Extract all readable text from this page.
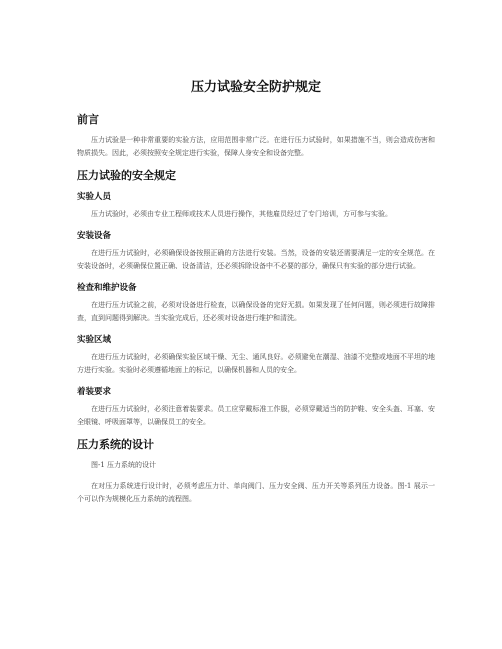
压力试验安全防护规定
前言

压力试验是一种非常重要的实验方法，应用范围非常广泛。在进行压力试验时，如果措施不当，则会造成伤害和物质损失。因此，必须按照安全规定进行实验，保障人身安全和设备完整。

压力试验的安全规定
实验人员

压力试验时，必须由专业工程师或技术人员进行操作，其他雇员经过了专门培训，方可参与实验。

安装设备

在进行压力试验时，必须确保设备按照正确的方法进行安装。当然，设备的安装还需要满足一定的安全规范。在安装设备时，必须确保位置正确、设备清洁，还必须拆除设备中不必要的部分，确保只有实验的部分进行试验。

检查和维护设备

在进行压力试验之前，必须对设备进行检查，以确保设备的完好无损。如果发现了任何问题，则必须进行故障排查，直到问题得到解决。当实验完成后，还必须对设备进行维护和清洗。

实验区域

在进行压力试验时，必须确保实验区域干燥、无尘、通风良好。必须避免在潮湿、油漆不完整或地面不平坦的地方进行实验。实验时必须遵循地面上的标记，以确保机器和人员的安全。

着装要求

在进行压力试验时，必须注意着装要求。员工应穿戴标准工作服，必须穿戴适当的防护鞋、安全头盔、耳塞、安全眼镜、呼吸面罩等，以确保员工的安全。

压力系统的设计

图-1 压力系统的设计

在对压力系统进行设计时，必须考虑压力计、单向阀门、压力安全阀、压力开关等系列压力设备。图-1 展示一个可以作为规模化压力系统的流程图。
